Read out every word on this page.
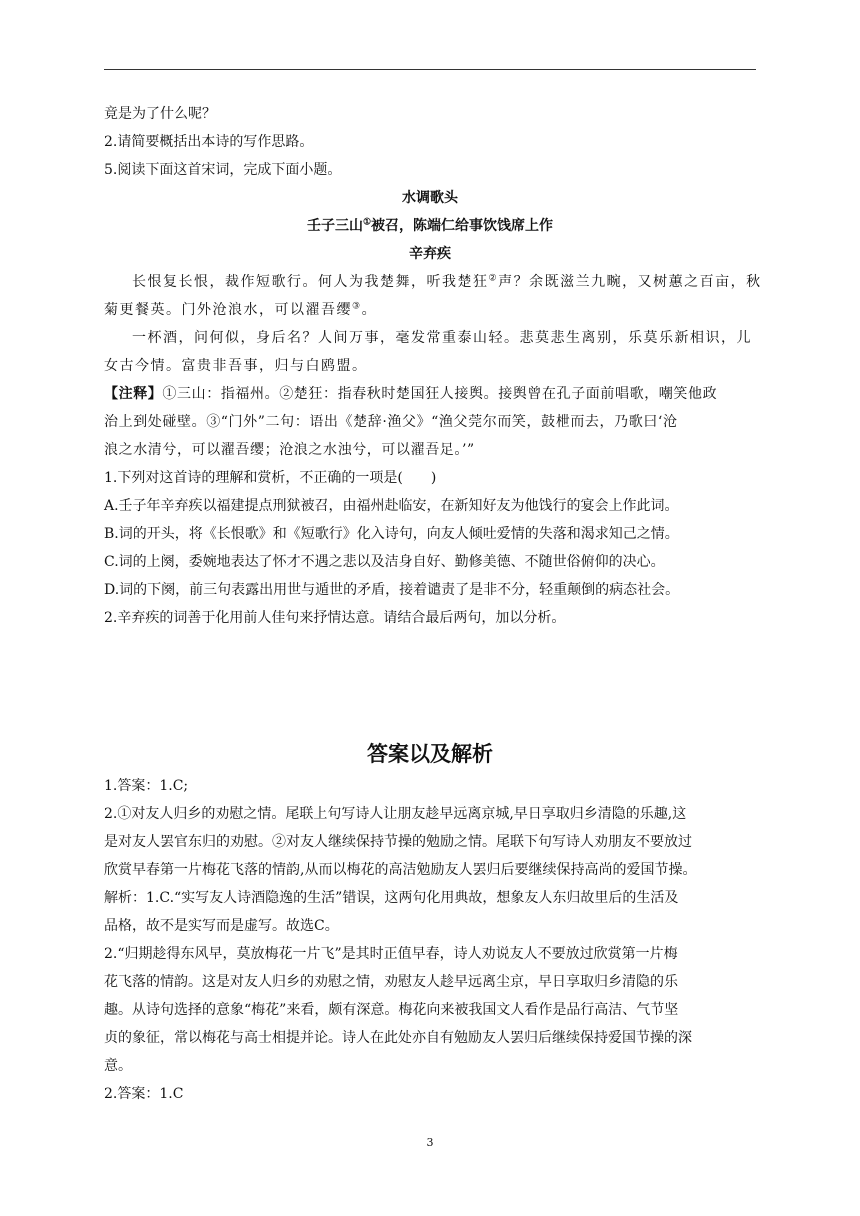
竟是为了什么呢？
2.请简要概括出本诗的写作思路。
5.阅读下面这首宋词，完成下面小题。
水调歌头
壬子三山①被召，陈端仁给事饮饯席上作
辛弃疾
长恨复长恨，裁作短歌行。何人为我楚舞，听我楚狂②声？余既滋兰九畹，又树蕙之百亩，秋
菊更餐英。门外沧浪水，可以濯吾缨③。
一杯酒，问何似，身后名？人间万事，毫发常重泰山轻。悲莫悲生离别，乐莫乐新相识，儿
女古今情。富贵非吾事，归与白鸥盟。
【注释】①三山：指福州。②楚狂：指春秋时楚国狂人接舆。接舆曾在孔子面前唱歌，嘲笑他政
治上到处碰壁。③“门外”二句：语出《楚辞·渔父》“渔父莞尔而笑，鼓枻而去，乃歌曰‘沧
浪之水清兮，可以濯吾缨；沧浪之水浊兮，可以濯吾足。’”
1.下列对这首诗的理解和赏析，不正确的一项是(　　)
A.壬子年辛弃疾以福建提点刑狱被召，由福州赴临安，在新知好友为他饯行的宴会上作此词。
B.词的开头，将《长恨歌》和《短歌行》化入诗句，向友人倾吐爱情的失落和渴求知己之情。
C.词的上阕，委婉地表达了怀才不遇之悲以及洁身自好、勤修美德、不随世俗俯仰的决心。
D.词的下阕，前三句表露出用世与遁世的矛盾，接着谴责了是非不分，轻重颠倒的病态社会。
2.辛弃疾的词善于化用前人佳句来抒情达意。请结合最后两句，加以分析。
答案以及解析
1.答案：1.C;
2.①对友人归乡的劝慰之情。尾联上句写诗人让朋友趁早远离京城,早日享取归乡清隐的乐趣,这
是对友人罢官东归的劝慰。②对友人继续保持节操的勉励之情。尾联下句写诗人劝朋友不要放过
欣赏早春第一片梅花飞落的情韵,从而以梅花的高洁勉励友人罢归后要继续保持高尚的爱国节操。
解析：1.C.“实写友人诗酒隐逸的生活”错误，这两句化用典故，想象友人东归故里后的生活及
品格，故不是实写而是虚写。故选C。
2.“归期趁得东风早，莫放梅花一片飞”是其时正值早春，诗人劝说友人不要放过欣赏第一片梅
花飞落的情韵。这是对友人归乡的劝慰之情，劝慰友人趁早远离尘京，早日享取归乡清隐的乐
趣。从诗句选择的意象“梅花”来看，颇有深意。梅花向来被我国文人看作是品行高洁、气节坚
贞的象征，常以梅花与高士相提并论。诗人在此处亦自有勉励友人罢归后继续保持爱国节操的深
意。
2.答案：1.C
3
